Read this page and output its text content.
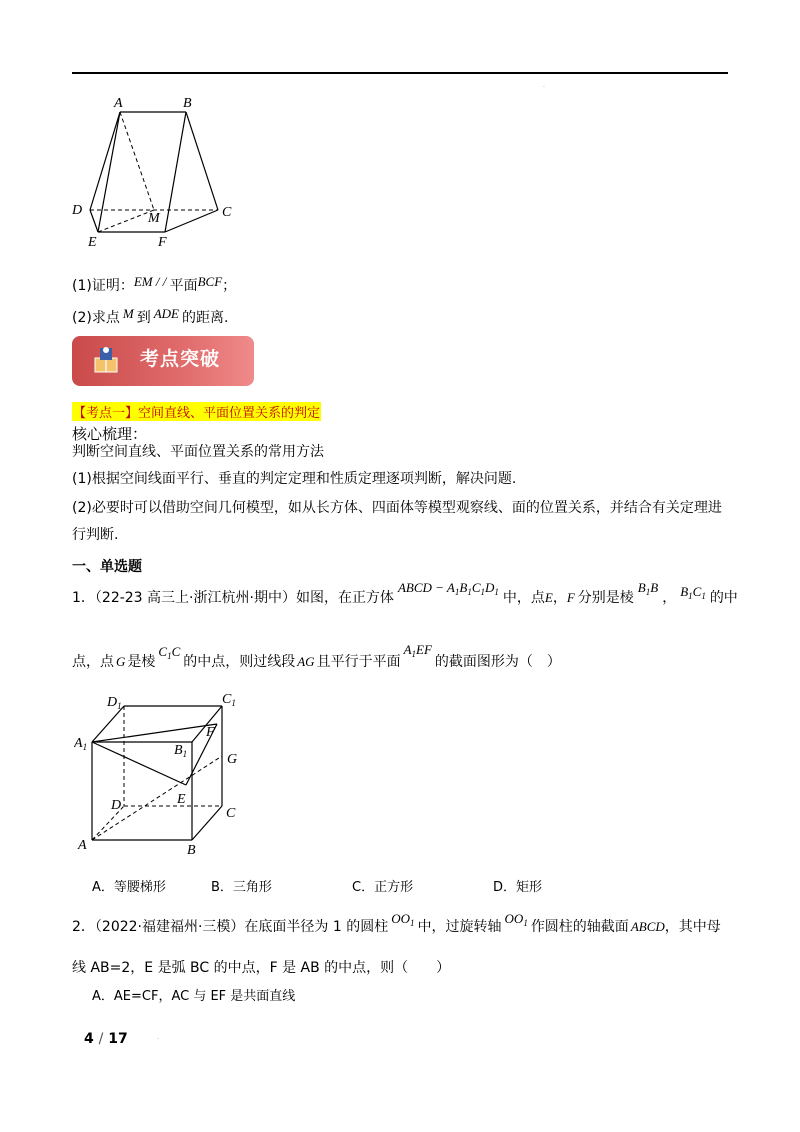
·
A	B
C
D
E	F
M
(1)证明：EM / / 平面BCF；
(2)求点 M 到 ADE 的距离.
考点突破
【考点一】空间直线、平面位置关系的判定
核心梳理：
判断空间直线、平面位置关系的常用方法
(1)根据空间线面平行、垂直的判定定理和性质定理逐项判断，解决问题.
(2)必要时可以借助空间几何模型，如从长方体、四面体等模型观察线、面的位置关系，并结合有关定理进
行判断.
一、单选题
1．（22-23 高三上·浙江杭州·期中）如图，在正方体ABCD − $A_1B_1C_1D_1$ 中，点E，F 分别是棱$B_1B$， $B_1C_1$ 的中
点，点 G 是棱$C_1C$的中点，则过线段 AG 且平行于平面$A_1EF$的截面图形为（　）
$D_1$	$C_1$
$A_1$	$B_1$
F
G
E
D
C
A	B
A．等腰梯形	B．三角形	C．正方形	D．矩形
2．（2022·福建福州·三模）在底面半径为 1 的圆柱$OO_1$ 中，过旋转轴$OO_1$ 作圆柱的轴截面 ABCD，其中母
线 AB=2，E 是弧 BC 的中点，F 是 AB 的中点，则（　　）
A．AE=CF，AC 与 EF 是共面直线
4 / 17	·
